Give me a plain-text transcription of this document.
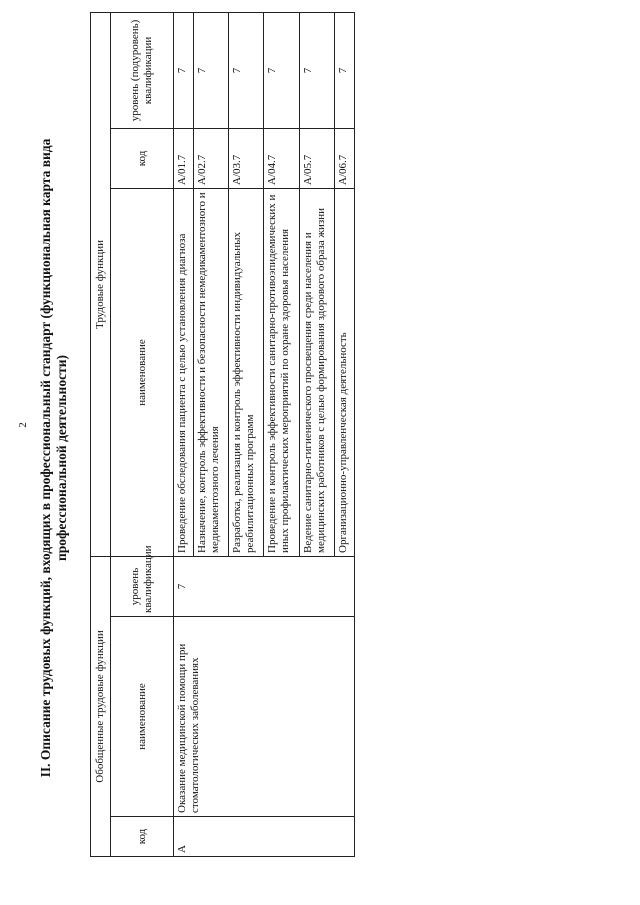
2 II. Описание трудовых функций, входящих в профессиональный стандарт (функциональная карта вида профессиональной деятельности)
Обобщенные трудовые функции			Трудовые функции		
код	наименование	уровень квалификации	наименование	код	уровень (подуровень) квалификации
A	Оказание медицинской помощи при стоматологических заболеваниях	7	Проведение обследования пациента с целью установления диагноза	A/01.7	7
			Назначение, контроль эффективности и безопасности немедикаментозного и медикаментозного лечения	A/02.7	7
			Разработка, реализация и контроль эффективности индивидуальных реабилитационных программ	A/03.7	7
			Проведение и контроль эффективности санитарно-противоэпидемических и иных профилактических мероприятий по охране здоровья населения	A/04.7	7
			Ведение санитарно-гигиенического просвещения среди населения и медицинских работников с целью формирования здорового образа жизни	A/05.7	7
			Организационно-управленческая деятельность	A/06.7	7
